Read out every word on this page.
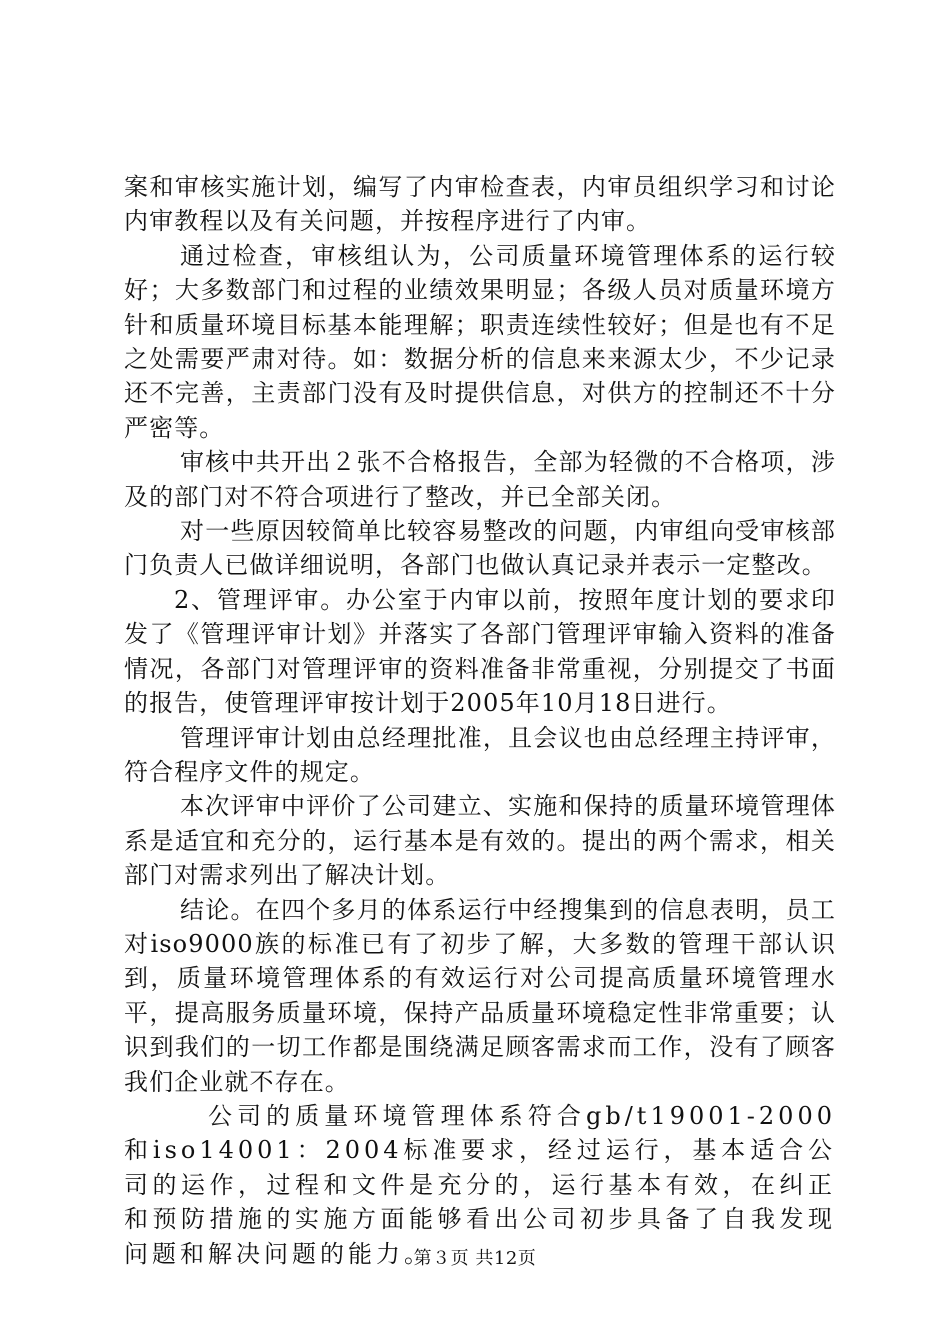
案和审核实施计划，编写了内审检查表，内审员组织学习和讨论内审教程以及有关问题，并按程序进行了内审。

通过检查，审核组认为，公司质量环境管理体系的运行较好；大多数部门和过程的业绩效果明显；各级人员对质量环境方针和质量环境目标基本能理解；职责连续性较好；但是也有不足之处需要严肃对待。如：数据分析的信息来来源太少，不少记录还不完善，主责部门没有及时提供信息，对供方的控制还不十分严密等。

审核中共开出２张不合格报告，全部为轻微的不合格项，涉及的部门对不符合项进行了整改，并已全部关闭。

对一些原因较简单比较容易整改的问题，内审组向受审核部门负责人已做详细说明，各部门也做认真记录并表示一定整改。

2、管理评审。办公室于内审以前，按照年度计划的要求印发了《管理评审计划》并落实了各部门管理评审输入资料的准备情况，各部门对管理评审的资料准备非常重视，分别提交了书面的报告，使管理评审按计划于2005年10月18日进行。

管理评审计划由总经理批准，且会议也由总经理主持评审，符合程序文件的规定。

本次评审中评价了公司建立、实施和保持的质量环境管理体系是适宜和充分的，运行基本是有效的。提出的两个需求，相关部门对需求列出了解决计划。

结论。在四个多月的体系运行中经搜集到的信息表明，员工对iso9000族的标准已有了初步了解，大多数的管理干部认识到，质量环境管理体系的有效运行对公司提高质量环境管理水平，提高服务质量环境，保持产品质量环境稳定性非常重要；认识到我们的一切工作都是围绕满足顾客需求而工作，没有了顾客我们企业就不存在。

公司的质量环境管理体系符合gb/t19001-2000和iso14001：2004标准要求，经过运行，基本适合公司的运作，过程和文件是充分的，运行基本有效，在纠正和预防措施的实施方面能够看出公司初步具备了自我发现问题和解决问题的能力。

第３页 共12页
